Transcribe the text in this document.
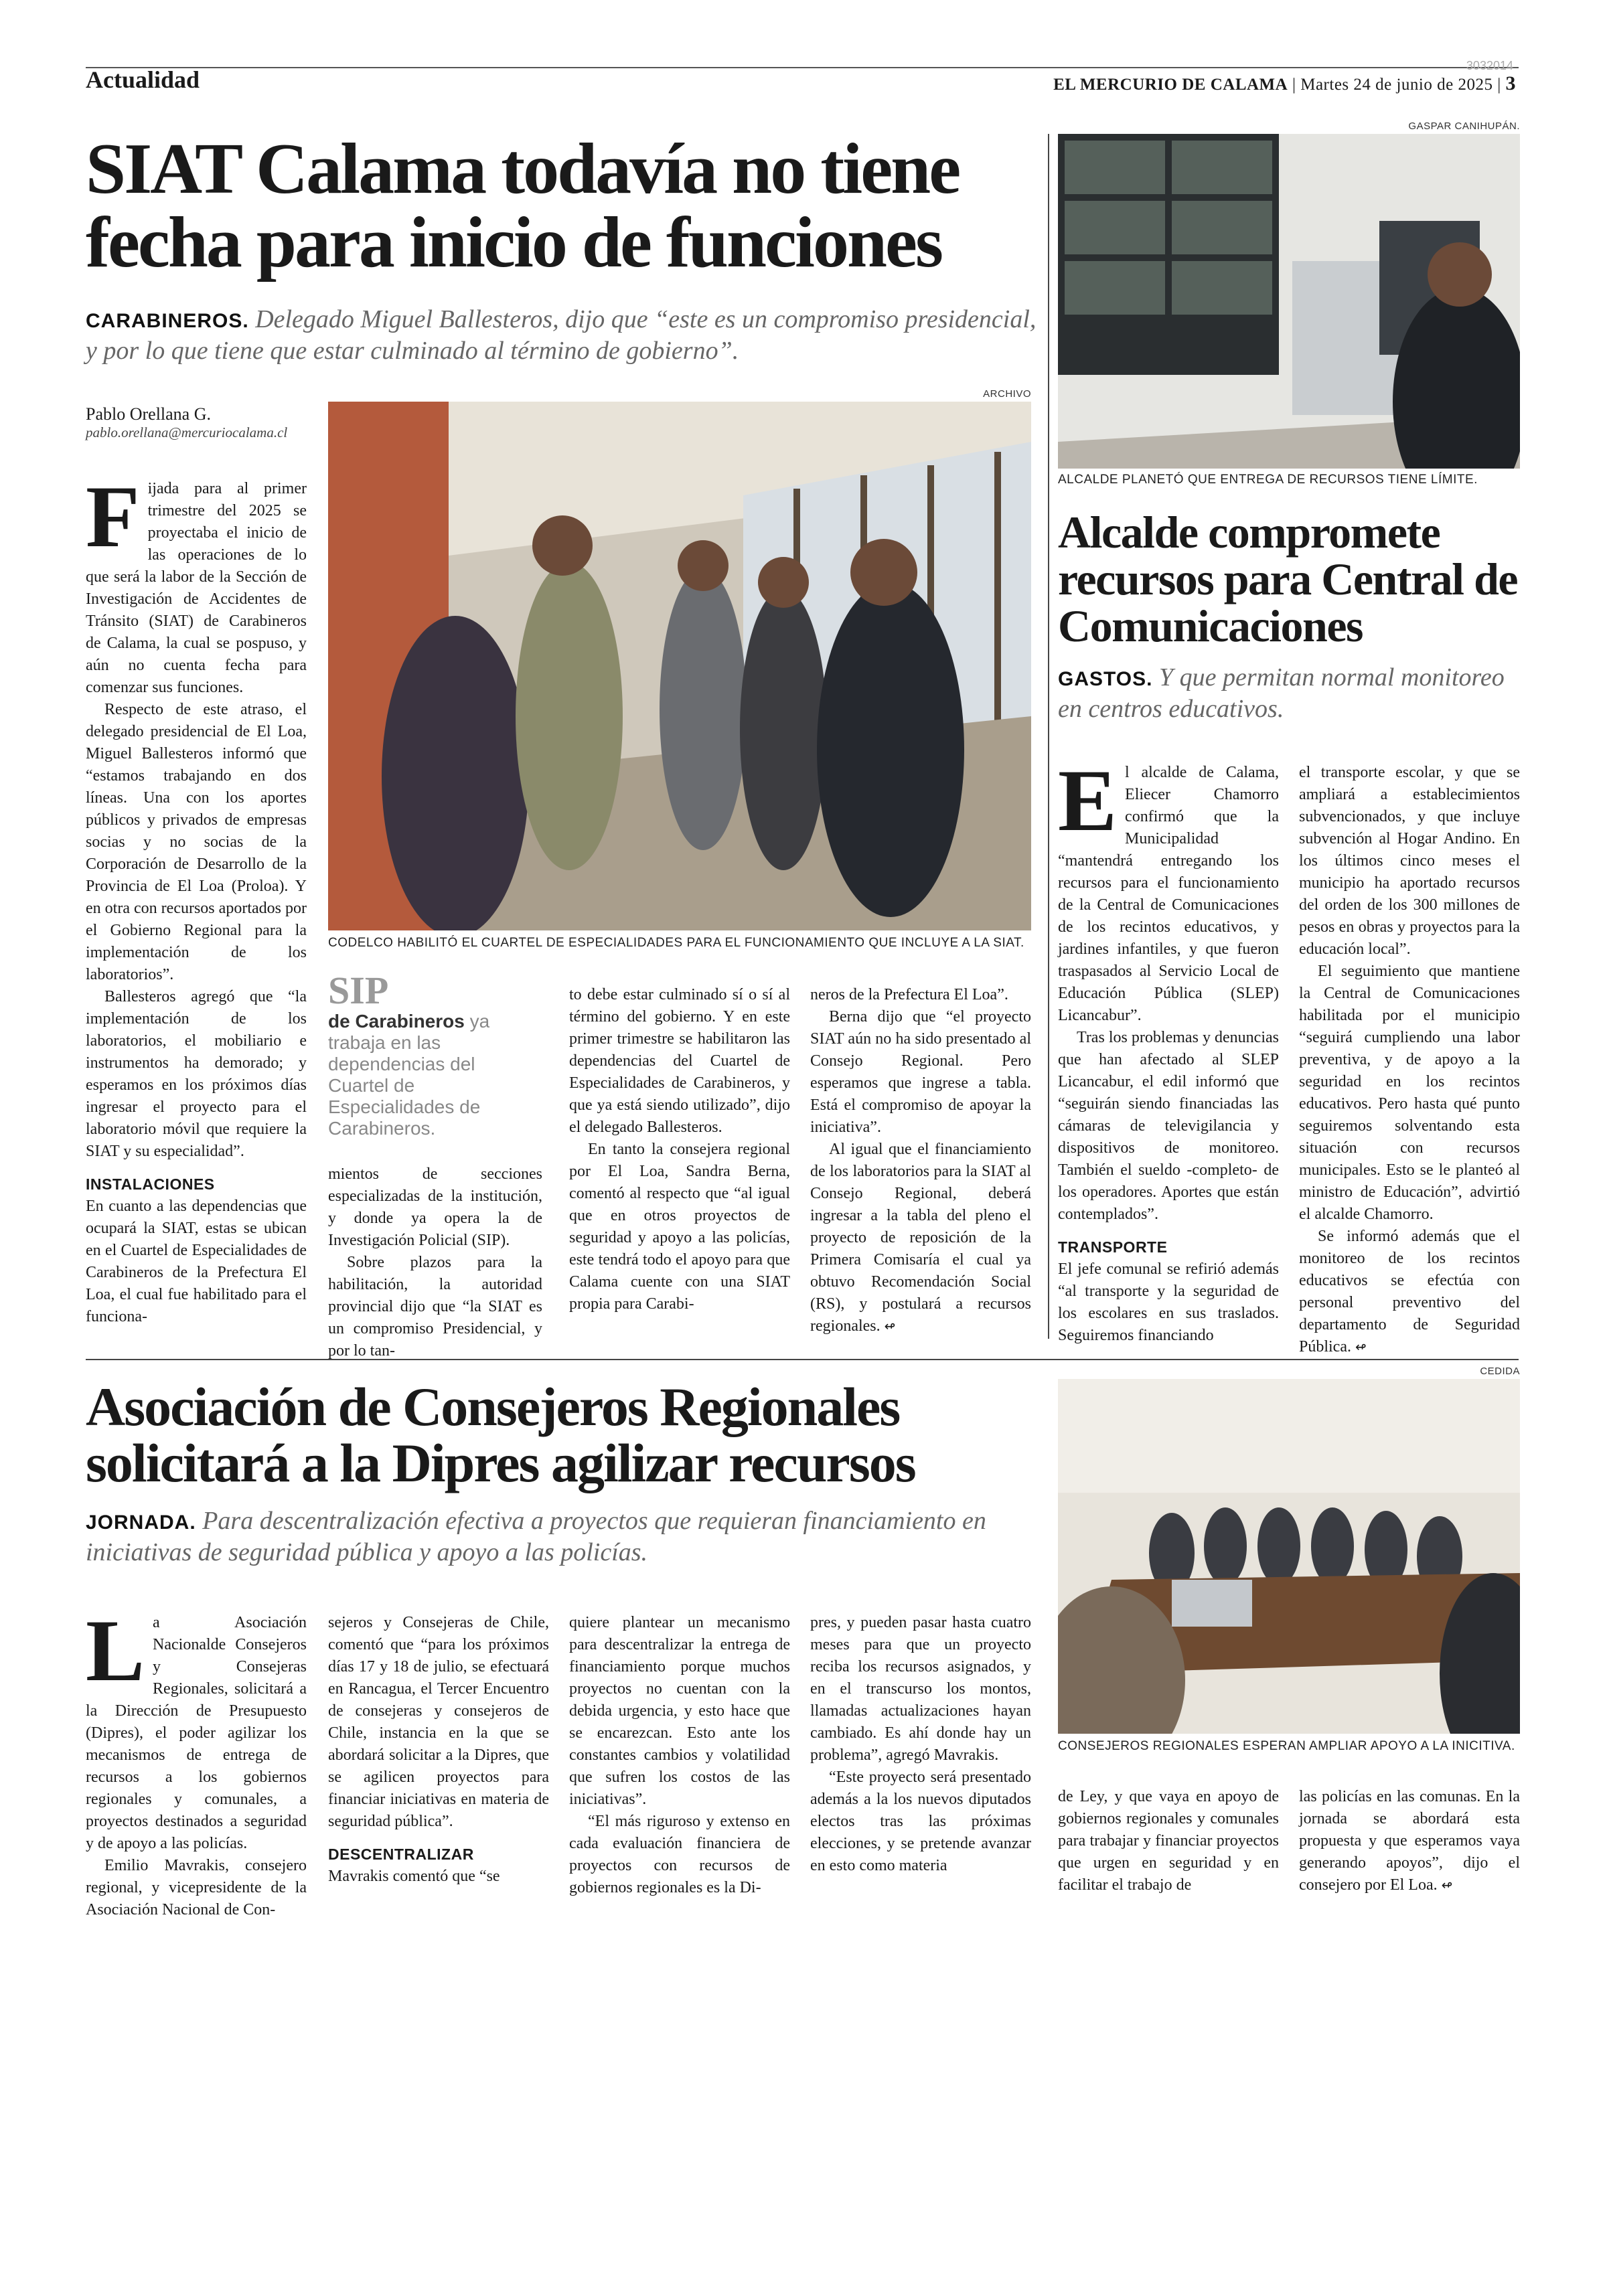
Actualidad
3032014
EL MERCURIO DE CALAMA | Martes 24 de junio de 2025 | 3
SIAT Calama todavía no tiene fecha para inicio de funciones

CARABINEROS. Delegado Miguel Ballesteros, dijo que “este es un compromiso presidencial, y por lo que tiene que estar culminado al término de gobierno”.

Pablo Orellana G.
pablo.orellana@mercuriocalama.cl
ARCHIVO
CODELCO HABILITÓ EL CUARTEL DE ESPECIALIDADES PARA EL FUNCIONAMIENTO QUE INCLUYE A LA SIAT.
F ijada para al primer trimestre del 2025 se proyectaba el inicio de las operaciones de lo que será la labor de la Sección de Investigación de Accidentes de Tránsito (SIAT) de Carabineros de Calama, la cual se pospuso, y aún no cuenta fecha para comenzar sus funciones.

Respecto de este atraso, el delegado presidencial de El Loa, Miguel Ballesteros informó que “estamos trabajando en dos líneas. Una con los aportes públicos y privados de empresas socias y no socias de la Corporación de Desarrollo de la Provincia de El Loa (Proloa). Y en otra con recursos aportados por el Gobierno Regional para la implementación de los laboratorios”.

Ballesteros agregó que “la implementación de los laboratorios, el mobiliario e instrumentos ha demorado; y esperamos en los próximos días ingresar el proyecto para el laboratorio móvil que requiere la SIAT y su especialidad”.

INSTALACIONES

En cuanto a las dependencias que ocupará la SIAT, estas se ubican en el Cuartel de Especialidades de Carabineros de la Prefectura El Loa, el cual fue habilitado para el funciona-

SIP
de Carabineros ya trabaja en las dependencias del Cuartel de Especialidades de Carabineros.

mientos de secciones especializadas de la institución, y donde ya opera la de Investigación Policial (SIP).

Sobre plazos para la habilitación, la autoridad provincial dijo que “la SIAT es un compromiso Presidencial, y por lo tan-

to debe estar culminado sí o sí al término del gobierno. Y en este primer trimestre se habilitaron las dependencias del Cuartel de Especialidades de Carabineros, y que ya está siendo utilizado”, dijo el delegado Ballesteros.

En tanto la consejera regional por El Loa, Sandra Berna, comentó al respecto que “al igual que en otros proyectos de seguridad y apoyo a las policías, este tendrá todo el apoyo para que Calama cuente con una SIAT propia para Carabi-

neros de la Prefectura El Loa”.

Berna dijo que “el proyecto SIAT aún no ha sido presentado al Consejo Regional. Pero esperamos que ingrese a tabla. Está el compromiso de apoyar la iniciativa”.

Al igual que el financiamiento de los laboratorios para la SIAT al Consejo Regional, deberá ingresar a la tabla del pleno el proyecto de reposición de la Primera Comisaría el cual ya obtuvo Recomendación Social (RS), y postulará a recursos regionales. ↫

GASPAR CANIHUPÁN.
ALCALDE PLANETÓ QUE ENTREGA DE RECURSOS TIENE LÍMITE.
Alcalde compromete recursos para Central de Comunicaciones

GASTOS. Y que permitan normal monitoreo en centros educativos.

E l alcalde de Calama, Eliecer Chamorro confirmó que la Municipalidad “mantendrá entregando los recursos para el funcionamiento de la Central de Comunicaciones de los recintos educativos, y jardines infantiles, y que fueron traspasados al Servicio Local de Educación Pública (SLEP) Licancabur”.

Tras los problemas y denuncias que han afectado al SLEP Licancabur, el edil informó que “seguirán siendo financiadas las cámaras de televigilancia y dispositivos de monitoreo. También el sueldo -completo- de los operadores. Aportes que están contemplados”.

TRANSPORTE

El jefe comunal se refirió además “al transporte y la seguridad de los escolares en sus traslados. Seguiremos financiando

el transporte escolar, y que se ampliará a establecimientos subvencionados, y que incluye subvención al Hogar Andino. En los últimos cinco meses el municipio ha aportado recursos del orden de los 300 millones de pesos en obras y proyectos para la educación local”.

El seguimiento que mantiene la Central de Comunicaciones habilitada por el municipio “seguirá cumpliendo una labor preventiva, y de apoyo a la seguridad en los recintos educativos. Pero hasta qué punto seguiremos solventando esta situación con recursos municipales. Esto se le planteó al ministro de Educación”, advirtió el alcalde Chamorro.

Se informó además que el monitoreo de los recintos educativos se efectúa con personal preventivo del departamento de Seguridad Pública. ↫

Asociación de Consejeros Regionales solicitará a la Dipres agilizar recursos

JORNADA. Para descentralización efectiva a proyectos que requieran financiamiento en iniciativas de seguridad pública y apoyo a las policías.

CEDIDA
CONSEJEROS REGIONALES ESPERAN AMPLIAR APOYO A LA INICITIVA.
L a Asociación Nacionalde Consejeros y Consejeras Regionales, solicitará a la Dirección de Presupuesto (Dipres), el poder agilizar los mecanismos de entrega de recursos a los gobiernos regionales y comunales, a proyectos destinados a seguridad y de apoyo a las policías.

Emilio Mavrakis, consejero regional, y vicepresidente de la Asociación Nacional de Con-

sejeros y Consejeras de Chile, comentó que “para los próximos días 17 y 18 de julio, se efectuará en Rancagua, el Tercer Encuentro de consejeras y consejeros de Chile, instancia en la que se abordará solicitar a la Dipres, que se agilicen proyectos para financiar iniciativas en materia de seguridad pública”.

DESCENTRALIZAR

Mavrakis comentó que “se

quiere plantear un mecanismo para descentralizar la entrega de financiamiento porque muchos proyectos no cuentan con la debida urgencia, y esto hace que se encarezcan. Esto ante los constantes cambios y volatilidad que sufren los costos de las iniciativas”.

“El más riguroso y extenso en cada evaluación financiera de proyectos con recursos de gobiernos regionales es la Di-

pres, y pueden pasar hasta cuatro meses para que un proyecto reciba los recursos asignados, y en el transcurso los montos, llamadas actualizaciones hayan cambiado. Es ahí donde hay un problema”, agregó Mavrakis.

“Este proyecto será presentado además a la los nuevos diputados electos tras las próximas elecciones, y se pretende avanzar en esto como materia

de Ley, y que vaya en apoyo de gobiernos regionales y comunales para trabajar y financiar proyectos que urgen en seguridad y en facilitar el trabajo de

las policías en las comunas. En la jornada se abordará esta propuesta y que esperamos vaya generando apoyos”, dijo el consejero por El Loa. ↫
